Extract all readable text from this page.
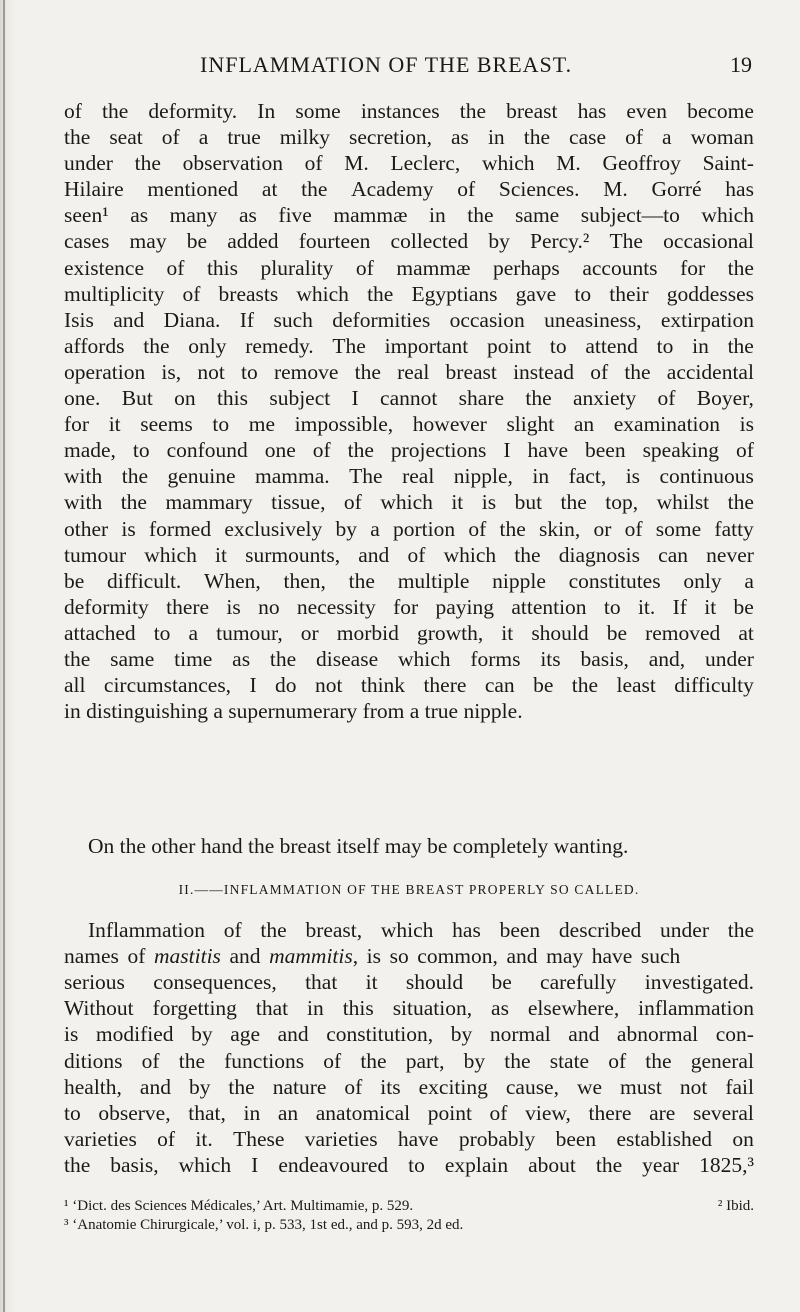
INFLAMMATION OF THE BREAST.	19
of the deformity. In some instances the breast has even become
the seat of a true milky secretion, as in the case of a woman
under the observation of M. Leclerc, which M. Geoffroy Saint-
Hilaire mentioned at the Academy of Sciences. M. Gorré has
seen¹ as many as five mammæ in the same subject—to which
cases may be added fourteen collected by Percy.² The occasional
existence of this plurality of mammæ perhaps accounts for the
multiplicity of breasts which the Egyptians gave to their goddesses
Isis and Diana. If such deformities occasion uneasiness, extirpation
affords the only remedy. The important point to attend to in the
operation is, not to remove the real breast instead of the accidental
one. But on this subject I cannot share the anxiety of Boyer,
for it seems to me impossible, however slight an examination is
made, to confound one of the projections I have been speaking of
with the genuine mamma. The real nipple, in fact, is continuous
with the mammary tissue, of which it is but the top, whilst the
other is formed exclusively by a portion of the skin, or of some fatty
tumour which it surmounts, and of which the diagnosis can never
be difficult. When, then, the multiple nipple constitutes only a
deformity there is no necessity for paying attention to it. If it be
attached to a tumour, or morbid growth, it should be removed at
the same time as the disease which forms its basis, and, under
all circumstances, I do not think there can be the least difficulty
in distinguishing a supernumerary from a true nipple.
On the other hand the breast itself may be completely wanting.
II.——INFLAMMATION OF THE BREAST PROPERLY SO CALLED.
Inflammation of the breast, which has been described under the
names of mastitis and mammitis , is so common, and may have such
serious consequences, that it should be carefully investigated.
Without forgetting that in this situation, as elsewhere, inflammation
is modified by age and constitution, by normal and abnormal con-
ditions of the functions of the part, by the state of the general
health, and by the nature of its exciting cause, we must not fail
to observe, that, in an anatomical point of view, there are several
varieties of it. These varieties have probably been established on
the basis, which I endeavoured to explain about the year 1825,³
¹ ‘Dict. des Sciences Médicales,’ Art. Multimamie, p. 529.	² Ibid.
³ ‘Anatomie Chirurgicale,’ vol. i, p. 533, 1st ed., and p. 593, 2d ed.
